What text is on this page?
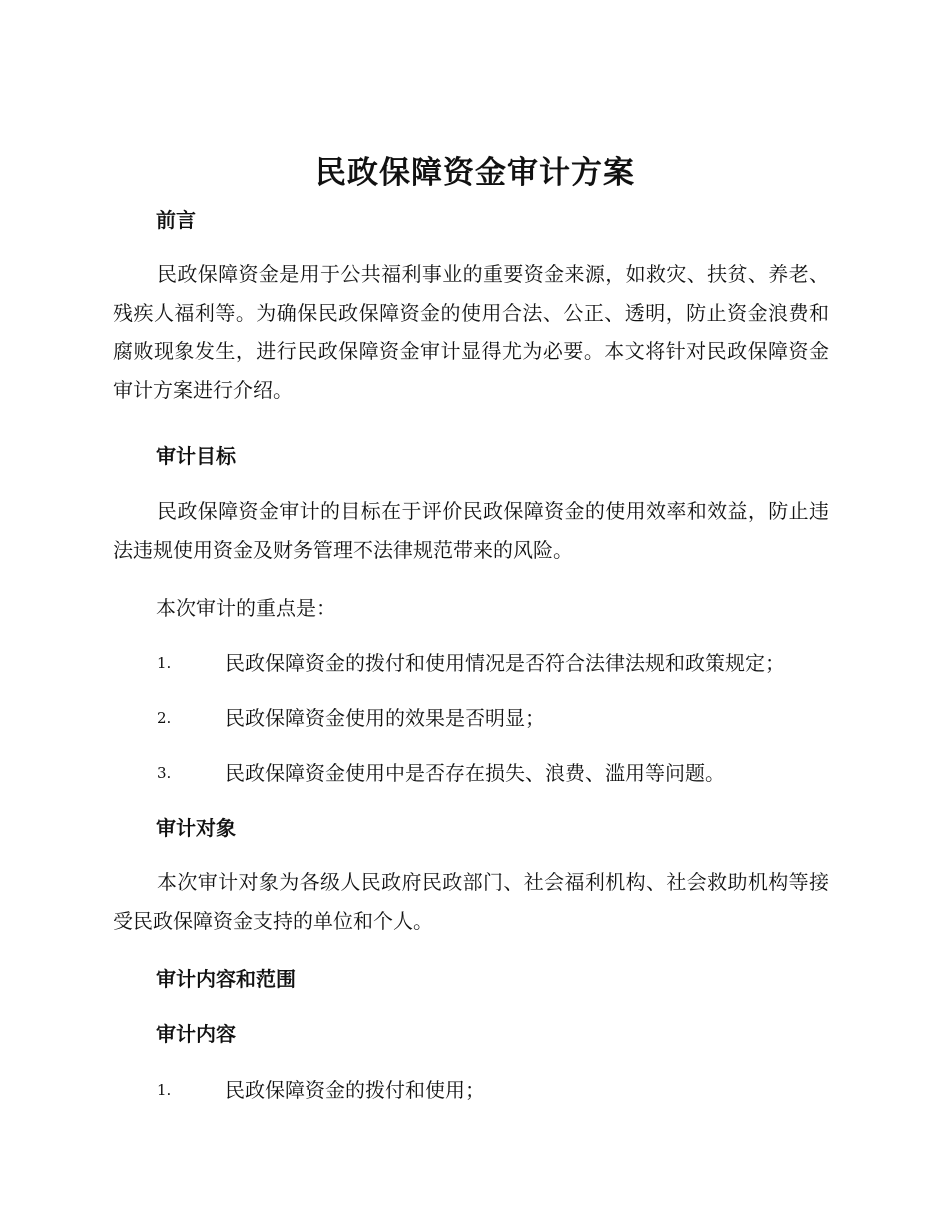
民政保障资金审计方案
前言
民政保障资金是用于公共福利事业的重要资金来源，如救灾、扶贫、养老、残疾人福利等。为确保民政保障资金的使用合法、公正、透明，防止资金浪费和腐败现象发生，进行民政保障资金审计显得尤为必要。本文将针对民政保障资金审计方案进行介绍。
审计目标
民政保障资金审计的目标在于评价民政保障资金的使用效率和效益，防止违法违规使用资金及财务管理不法律规范带来的风险。
本次审计的重点是：
1.	民政保障资金的拨付和使用情况是否符合法律法规和政策规定；
2.	民政保障资金使用的效果是否明显；
3.	民政保障资金使用中是否存在损失、浪费、滥用等问题。
审计对象
本次审计对象为各级人民政府民政部门、社会福利机构、社会救助机构等接受民政保障资金支持的单位和个人。
审计内容和范围
审计内容
1.	民政保障资金的拨付和使用；
